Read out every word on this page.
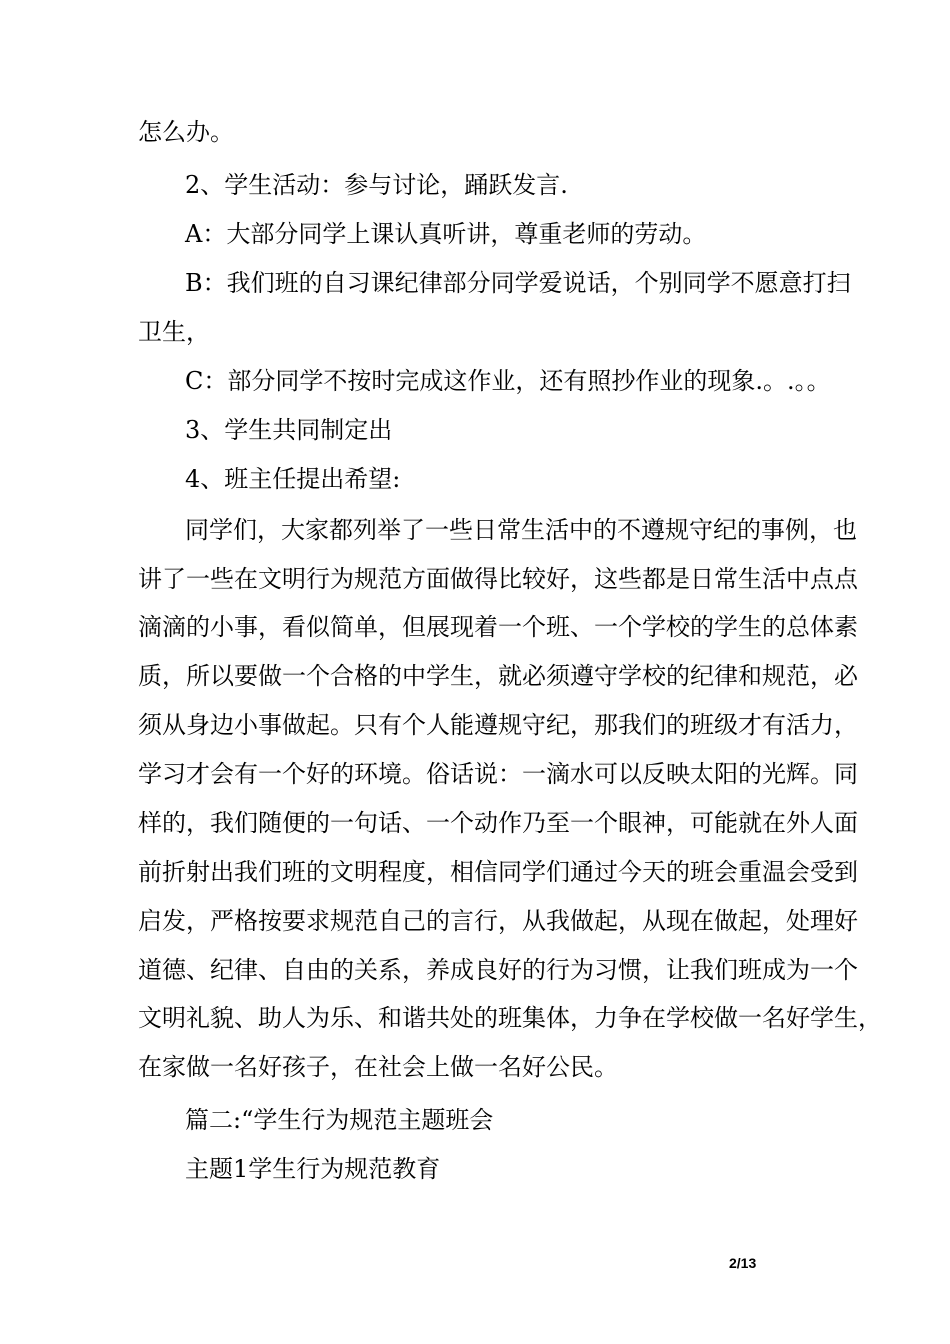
怎么办。
2、学生活动：参与讨论，踊跃发言.
A：大部分同学上课认真听讲，尊重老师的劳动。
B：我们班的自习课纪律部分同学爱说话，个别同学不愿意打扫
卫生，
C：部分同学不按时完成这作业，还有照抄作业的现象.。.。。
3、学生共同制定出
4、班主任提出希望:
同学们，大家都列举了一些日常生活中的不遵规守纪的事例，也
讲了一些在文明行为规范方面做得比较好，这些都是日常生活中点点
滴滴的小事，看似简单，但展现着一个班、一个学校的学生的总体素
质，所以要做一个合格的中学生，就必须遵守学校的纪律和规范，必
须从身边小事做起。只有个人能遵规守纪，那我们的班级才有活力，
学习才会有一个好的环境。俗话说：一滴水可以反映太阳的光辉。同
样的，我们随便的一句话、一个动作乃至一个眼神，可能就在外人面
前折射出我们班的文明程度，相信同学们通过今天的班会重温会受到
启发，严格按要求规范自己的言行，从我做起，从现在做起，处理好
道德、纪律、自由的关系，养成良好的行为习惯，让我们班成为一个
文明礼貌、助人为乐、和谐共处的班集体，力争在学校做一名好学生，
在家做一名好孩子，在社会上做一名好公民。
篇二:“学生行为规范主题班会
主题1学生行为规范教育
2/13
